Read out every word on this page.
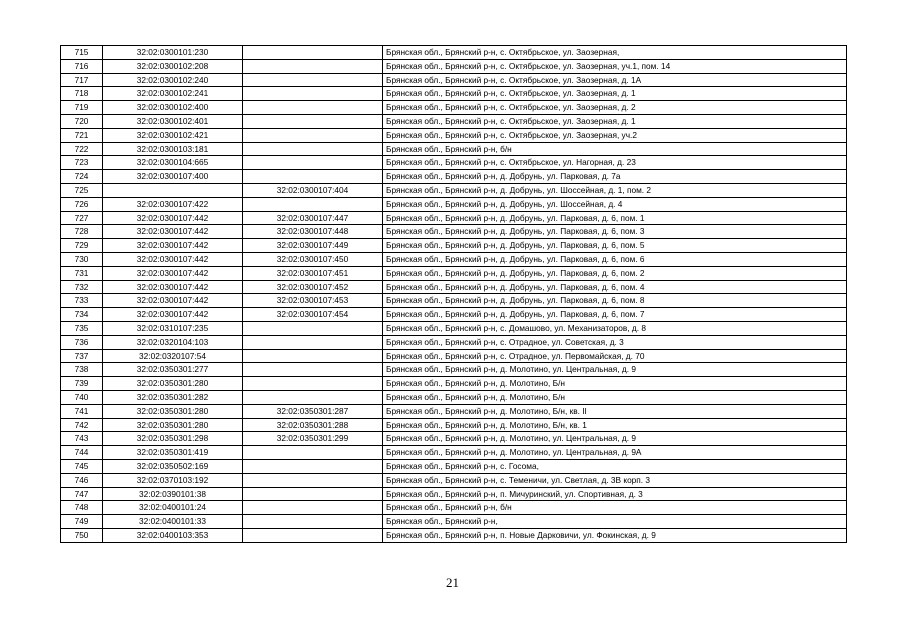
715	32:02:0300101:230		Брянская обл., Брянский р-н, с. Октябрьское, ул. Заозерная,
716	32:02:0300102:208		Брянская обл., Брянский р-н, с. Октябрьское, ул. Заозерная, уч.1, пом. 14
717	32:02:0300102:240		Брянская обл., Брянский р-н, с. Октябрьское, ул. Заозерная, д. 1А
718	32:02:0300102:241		Брянская обл., Брянский р-н, с. Октябрьское, ул. Заозерная, д. 1
719	32:02:0300102:400		Брянская обл., Брянский р-н, с. Октябрьское, ул. Заозерная, д. 2
720	32:02:0300102:401		Брянская обл., Брянский р-н, с. Октябрьское, ул. Заозерная, д. 1
721	32:02:0300102:421		Брянская обл., Брянский р-н, с. Октябрьское, ул. Заозерная, уч.2
722	32:02:0300103:181		Брянская обл., Брянский р-н, б/н
723	32:02:0300104:665		Брянская обл., Брянский р-н, с. Октябрьское, ул. Нагорная, д. 23
724	32:02:0300107:400		Брянская обл., Брянский р-н, д. Добрунь, ул. Парковая, д. 7а
725		32:02:0300107:404	Брянская обл., Брянский р-н, д. Добрунь, ул. Шоссейная, д. 1, пом. 2
726	32:02:0300107:422		Брянская обл., Брянский р-н, д. Добрунь, ул. Шоссейная, д. 4
727	32:02:0300107:442	32:02:0300107:447	Брянская обл., Брянский р-н, д. Добрунь, ул. Парковая, д. 6, пом. 1
728	32:02:0300107:442	32:02:0300107:448	Брянская обл., Брянский р-н, д. Добрунь, ул. Парковая, д. 6, пом. 3
729	32:02:0300107:442	32:02:0300107:449	Брянская обл., Брянский р-н, д. Добрунь, ул. Парковая, д. 6, пом. 5
730	32:02:0300107:442	32:02:0300107:450	Брянская обл., Брянский р-н, д. Добрунь, ул. Парковая, д. 6, пом. 6
731	32:02:0300107:442	32:02:0300107:451	Брянская обл., Брянский р-н, д. Добрунь, ул. Парковая, д. 6, пом. 2
732	32:02:0300107:442	32:02:0300107:452	Брянская обл., Брянский р-н, д. Добрунь, ул. Парковая, д. 6, пом. 4
733	32:02:0300107:442	32:02:0300107:453	Брянская обл., Брянский р-н, д. Добрунь, ул. Парковая, д. 6, пом. 8
734	32:02:0300107:442	32:02:0300107:454	Брянская обл., Брянский р-н, д. Добрунь, ул. Парковая, д. 6, пом. 7
735	32:02:0310107:235		Брянская обл., Брянский р-н, с. Домашово, ул. Механизаторов, д. 8
736	32:02:0320104:103		Брянская обл., Брянский р-н, с. Отрадное, ул. Советская, д. 3
737	32:02:0320107:54		Брянская обл., Брянский р-н, с. Отрадное, ул. Первомайская, д. 70
738	32:02:0350301:277		Брянская обл., Брянский р-н, д. Молотино, ул. Центральная, д. 9
739	32:02:0350301:280		Брянская обл., Брянский р-н, д. Молотино, Б/н
740	32:02:0350301:282		Брянская обл., Брянский р-н, д. Молотино, Б/н
741	32:02:0350301:280	32:02:0350301:287	Брянская обл., Брянский р-н, д. Молотино, Б/н, кв. II
742	32:02:0350301:280	32:02:0350301:288	Брянская обл., Брянский р-н, д. Молотино, Б/н, кв. 1
743	32:02:0350301:298	32:02:0350301:299	Брянская обл., Брянский р-н, д. Молотино, ул. Центральная, д. 9
744	32:02:0350301:419		Брянская обл., Брянский р-н, д. Молотино, ул. Центральная, д. 9А
745	32:02:0350502:169		Брянская обл., Брянский р-н, с. Госома,
746	32:02:0370103:192		Брянская обл., Брянский р-н, с. Теменичи, ул. Светлая, д. 3В корп. 3
747	32:02:0390101:38		Брянская обл., Брянский р-н, п. Мичуринский, ул. Спортивная, д. 3
748	32:02:0400101:24		Брянская обл., Брянский р-н, б/н
749	32:02:0400101:33		Брянская обл., Брянский р-н,
750	32:02:0400103:353		Брянская обл., Брянский р-н, п. Новые Дарковичи, ул. Фокинская, д. 9
21
